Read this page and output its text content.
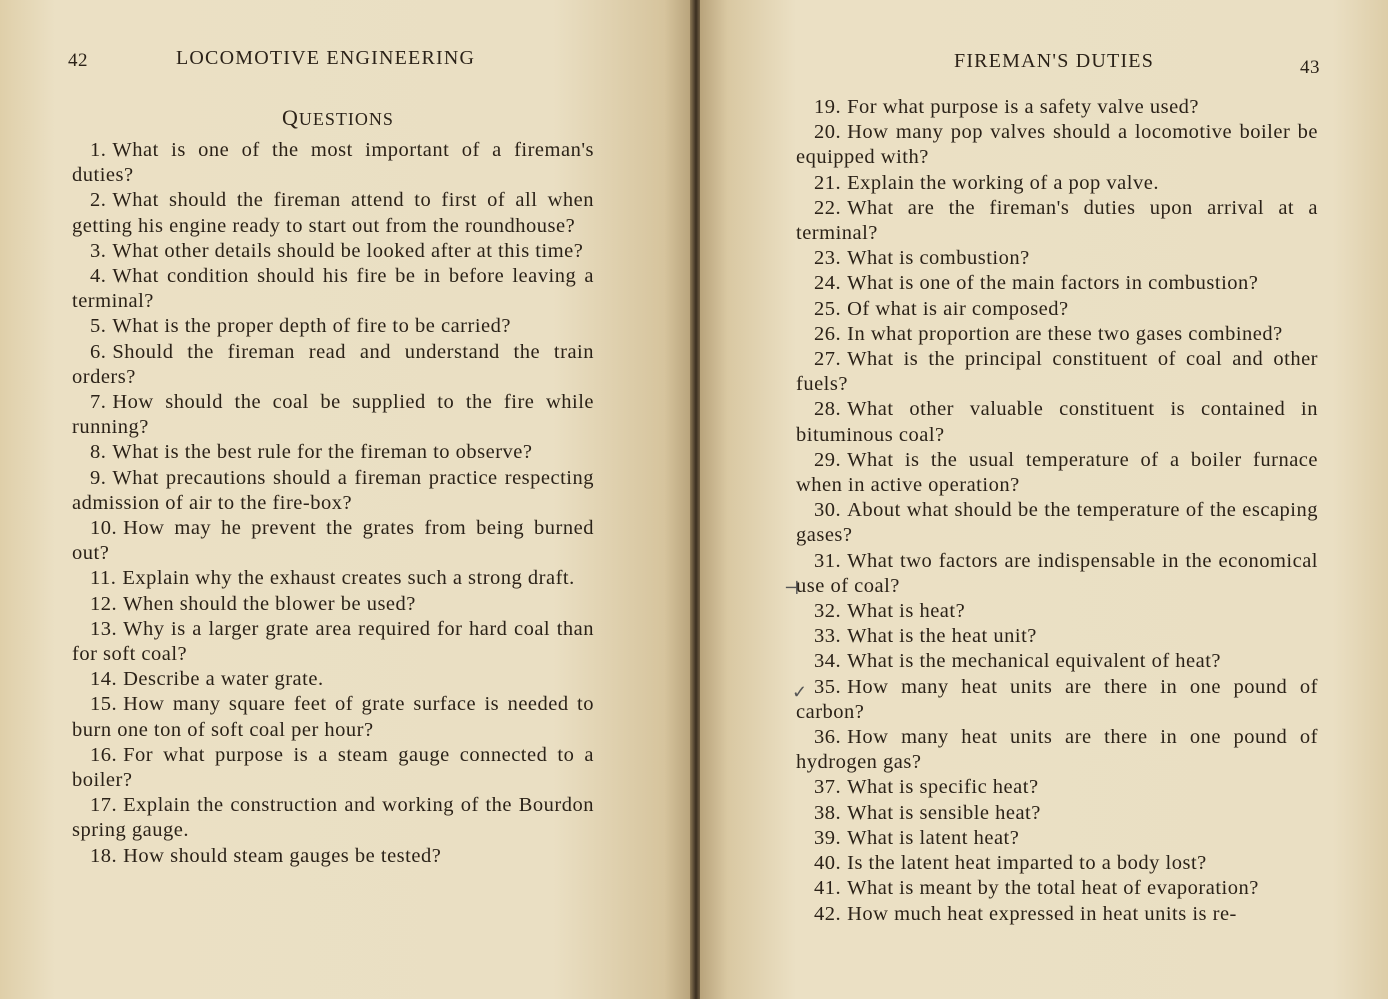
42	LOCOMOTIVE ENGINEERING
QUESTIONS

1. What is one of the most important of a fireman's duties?

2. What should the fireman attend to first of all when getting his engine ready to start out from the roundhouse?

3. What other details should be looked after at this time?

4. What condition should his fire be in before leaving a terminal?

5. What is the proper depth of fire to be carried?

6. Should the fireman read and understand the train orders?

7. How should the coal be supplied to the fire while running?

8. What is the best rule for the fireman to observe?

9. What precautions should a fireman practice respecting admission of air to the fire-box?

10. How may he prevent the grates from being burned out?

11. Explain why the exhaust creates such a strong draft.

12. When should the blower be used?

13. Why is a larger grate area required for hard coal than for soft coal?

14. Describe a water grate.

15. How many square feet of grate surface is needed to burn one ton of soft coal per hour?

16. For what purpose is a steam gauge connected to a boiler?

17. Explain the construction and working of the Bourdon spring gauge.

18. How should steam gauges be tested?

FIREMAN'S DUTIES	43

19. For what purpose is a safety valve used?

20. How many pop valves should a locomotive boiler be equipped with?

21. Explain the working of a pop valve.

22. What are the fireman's duties upon arrival at a terminal?

23. What is combustion?

24. What is one of the main factors in combustion?

25. Of what is air composed?

26. In what proportion are these two gases combined?

27. What is the principal constituent of coal and other fuels?

28. What other valuable constituent is contained in bituminous coal?

29. What is the usual temperature of a boiler furnace when in active operation?

30. About what should be the temperature of the escaping gases?

31. What two factors are indispensable in the economical use of coal?

32. What is heat?

33. What is the heat unit?

34. What is the mechanical equivalent of heat?

35. How many heat units are there in one pound of carbon?

36. How many heat units are there in one pound of hydrogen gas?

37. What is specific heat?

38. What is sensible heat?

39. What is latent heat?

40. Is the latent heat imparted to a body lost?

41. What is meant by the total heat of evaporation?

42. How much heat expressed in heat units is re-

⊣
✓
